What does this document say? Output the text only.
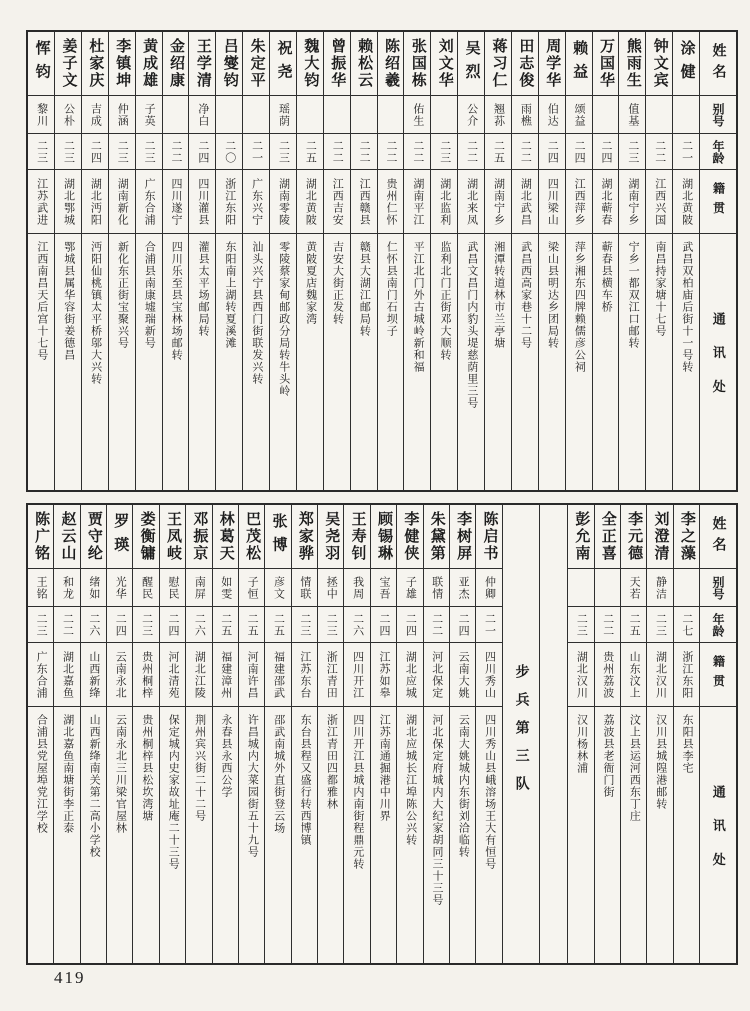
姓名
别号
年龄
籍贯
通讯处
涂健
二一
湖北黄陂
武昌双柏庙后街十一号转
钟文宾
二二
江西兴国
南昌持家塘十七号
熊雨生
值基
二三
湖南宁乡
宁乡一都双江口邮转
万国华
二四
湖北蕲春
蕲春县横车桥
赖益
颂益
二四
江西萍乡
萍乡湘东四牌赖儒彦公祠
周学华
伯达
二四
四川梁山
梁山县明达乡团局转
田志俊
雨樵
二二
湖北武昌
武昌西高家巷十二号
蒋习仁
翘荪
二五
湖南宁乡
湘潭转道林市兰亭塘
吴烈
公介
二二
湖北来凤
武昌文昌门内豹头堤慈荫里三号
刘文华
二三
湖北监利
监利北门正街邓大顺转
张国栋
佑生
二二
湖南平江
平江北门外古城岭新和福
陈绍羲
二二
贵州仁怀
仁怀县南门石坝子
赖松云
二二
江西赣县
赣县大湖江邮局转
曾振华
二二
江西吉安
吉安大街正发转
魏大钧
二五
湖北黄陂
黄陂夏店魏家湾
祝尧
瑶荫
二三
湖南零陵
零陵蔡家甸邮政分局转牛头岭
朱定平
二一
广东兴宁
汕头兴宁县西门街联发兴转
吕燮钧
二〇
浙江东阳
东阳南上湖转夏溪滩
王学清
净白
二四
四川灌县
灌县太平场邮局转
金绍康
二二
四川遂宁
四川乐至县宝林场邮转
黄成雄
子英
二三
广东合浦
合浦县南康墟瑞新号
李镇坤
仲涵
二三
湖南新化
新化东正街宝聚兴号
杜家庆
吉成
二四
湖北沔阳
沔阳仙桃镇太平桥邬大兴转
姜子文
公朴
二三
湖北鄂城
鄂城县属华容街姜德昌
恽钧
黎川
二三
江苏武进
江西南昌天后宫十七号
姓名
别号
年龄
籍贯
通讯处
李之藻
二七
浙江东阳
东阳县李宅
刘澄清
静洁
二三
湖北汉川
汉川县城隍港邮转
李元德
天若
二五
山东汶上
汶上县运河西东丁庄
全正喜
二二
贵州荔波
荔波县老衙门街
彭允南
二三
湖北汉川
汉川杨林浦
步兵第三队
陈启书
仲卿
二一
四川秀山
四川秀山县峨溶场王大有恒号
李树屏
亚杰
二四
云南大姚
云南大姚城内东街刘洽临转
朱黛第
联情
二二
河北保定
河北保定府城内大纪家胡同三十三号
李健侠
子雄
二四
湖北应城
湖北应城长江埠陈公兴转
顾锡琳
宝吾
二四
江苏如皋
江苏南通掘港中川界
王寿钊
我周
二六
四川开江
四川开江县城内南街程鼎元转
吴尧羽
拯中
二三
浙江青田
浙江青田四都雅林
郑家骅
情联
二三
江苏东台
东台县程又盛行转西博镇
张博
彦文
二五
福建邵武
邵武南城外直街登云场
巴茂松
子恒
二五
河南许昌
许昌城内大菜园街五十九号
林葛天
如雯
二五
福建漳州
永春县永西公学
邓振京
南屏
二六
湖北江陵
荆州宾兴街二十二号
王凤岐
慰民
二四
河北清苑
保定城内史家故址庵二十三号
娄衡镛
醒民
二三
贵州桐梓
贵州桐梓县松坎湾塘
罗瑛
光华
二四
云南永北
云南永北三川梁官屋林
贾守纶
绪如
二六
山西新绛
山西新绛南关第二高小学校
赵云山
和龙
二二
湖北嘉鱼
湖北嘉鱼南塘街李正泰
陈广铭
王铭
二三
广东合浦
合浦县党屋埠党江学校
419
